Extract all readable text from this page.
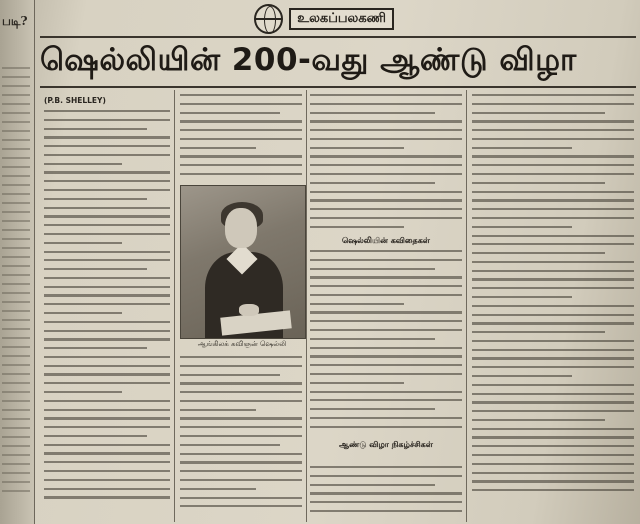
படி?	உலகப்பலகணி
ஷெல்லியின் 200-வது ஆண்டு விழா
(P.B. SHELLEY)
ஆங்கிலக் கவிஞன் ஷெல்லி
ஷெல்லியின் கவிதைகள்
ஆண்டு விழா நிகழ்ச்சிகள்
